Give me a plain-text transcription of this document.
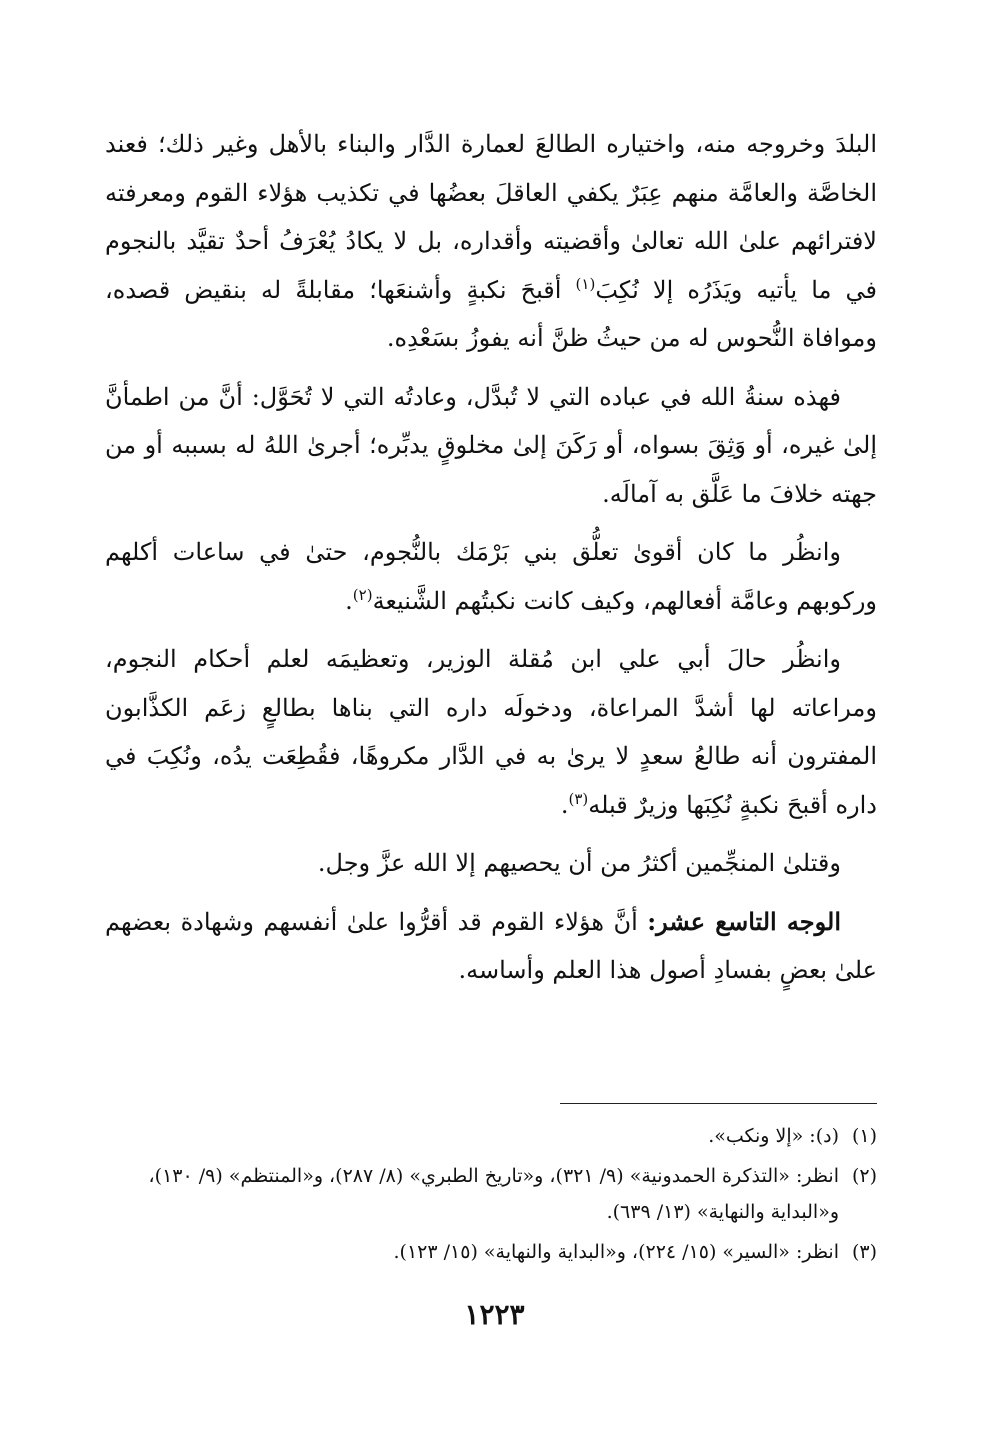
البلدَ وخروجه منه، واختياره الطالعَ لعمارة الدَّار والبناء بالأهل وغير ذلك؛ فعند الخاصَّة والعامَّة منهم عِبَرٌ يكفي العاقلَ بعضُها في تكذيب هؤلاء القوم ومعرفته لافترائهم علىٰ الله تعالىٰ وأقضيته وأقداره، بل لا يكادُ يُعْرَفُ أحدٌ تقيَّد بالنجوم في ما يأتيه ويَذَرُه إلا نُكِبَ$^{(١)}$ أقبحَ نكبةٍ وأشنعَها؛ مقابلةً له بنقيض قصده، وموافاة النُّحوس له من حيثُ ظنَّ أنه يفوزُ بسَعْدِه.

فهذه سنةُ الله في عباده التي لا تُبدَّل، وعادتُه التي لا تُحَوَّل: أنَّ من اطمأنَّ إلىٰ غيره، أو وَثِقَ بسواه، أو رَكَنَ إلىٰ مخلوقٍ يدبِّره؛ أجرىٰ اللهُ له بسببه أو من جهته خلافَ ما عَلَّق به آمالَه.

وانظُر ما كان أقوىٰ تعلُّق بني بَرْمَك بالنُّجوم، حتىٰ في ساعات أكلهم وركوبهم وعامَّة أفعالهم، وكيف كانت نكبتُهم الشَّنيعة$^{(٢)}$.

وانظُر حالَ أبي علي ابن مُقلة الوزير، وتعظيمَه لعلم أحكام النجوم، ومراعاته لها أشدَّ المراعاة، ودخولَه داره التي بناها بطالعٍ زعَم الكذَّابون المفترون أنه طالعُ سعدٍ لا يرىٰ به في الدَّار مكروهًا، فقُطِعَت يدُه، ونُكِبَ في داره أقبحَ نكبةٍ نُكِبَها وزيرٌ قبله$^{(٣)}$.

وقتلىٰ المنجِّمين أكثرُ من أن يحصيهم إلا الله عزَّ وجل.

الوجه التاسع عشر: أنَّ هؤلاء القوم قد أقرُّوا علىٰ أنفسهم وشهادة بعضهم علىٰ بعضٍ بفسادِ أصول هذا العلم وأساسه.

(١)(د): «إلا ونكب».

(٢)انظر: «التذكرة الحمدونية» (٩/ ٣٢١)، و«تاريخ الطبري» (٨/ ٢٨٧)، و«المنتظم» (٩/ ١٣٠)، و«البداية والنهاية» (١٣/ ٦٣٩).

(٣)انظر: «السير» (١٥/ ٢٢٤)، و«البداية والنهاية» (١٥/ ١٢٣).

١٢٢٣
